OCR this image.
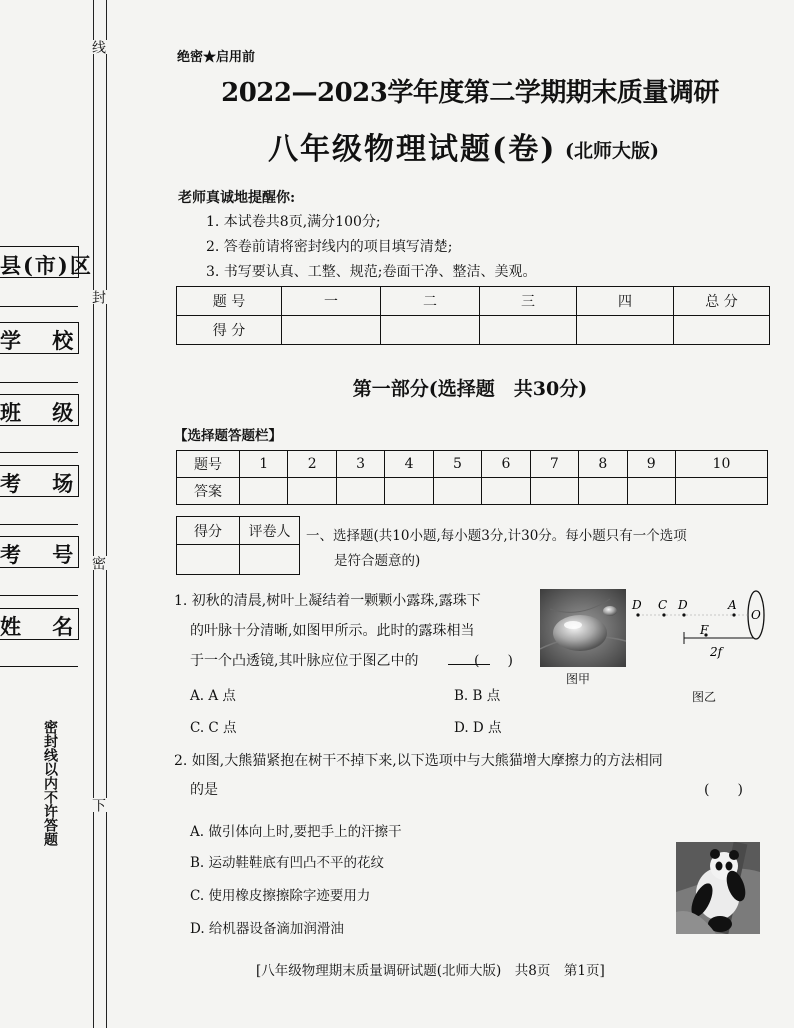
县(市)区
学 校
班 级
考 场
考 号
姓 名
密封线以内不许答题
线
封
密
下
绝密★启用前
2022—2023学年度第二学期期末质量调研
八年级物理试题(卷) (北师大版)
老师真诚地提醒你:
1. 本试卷共8页,满分100分;
2. 答卷前请将密封线内的项目填写清楚;
3. 书写要认真、工整、规范;卷面干净、整洁、美观。
题 号	一	二	三	四	总 分
得 分					
第一部分(选择题　共30分)
【选择题答题栏】
题号	1	2	3	4	5	6	7	8	9	10
答案										
得分	评卷人
	一、选择题(共10小题,每小题3分,计30分。每小题只有一个选项
是符合题意的)
1. 初秋的清晨,树叶上凝结着一颗颗小露珠,露珠下
的叶脉十分清晰,如图甲所示。此时的露珠相当
于一个凸透镜,其叶脉应位于图乙中的	(　　)
A. A 点	B. B 点
C. C 点	D. D 点
图甲
D C D	A
O
F
2f
图乙
2. 如图,大熊猫紧抱在树干不掉下来,以下选项中与大熊猫增大摩擦力的方法相同
的是	(　　)
A. 做引体向上时,要把手上的汗擦干
B. 运动鞋鞋底有凹凸不平的花纹
C. 使用橡皮擦擦除字迹要用力
D. 给机器设备滴加润滑油
[八年级物理期末质量调研试题(北师大版)　共8页　第1页]
